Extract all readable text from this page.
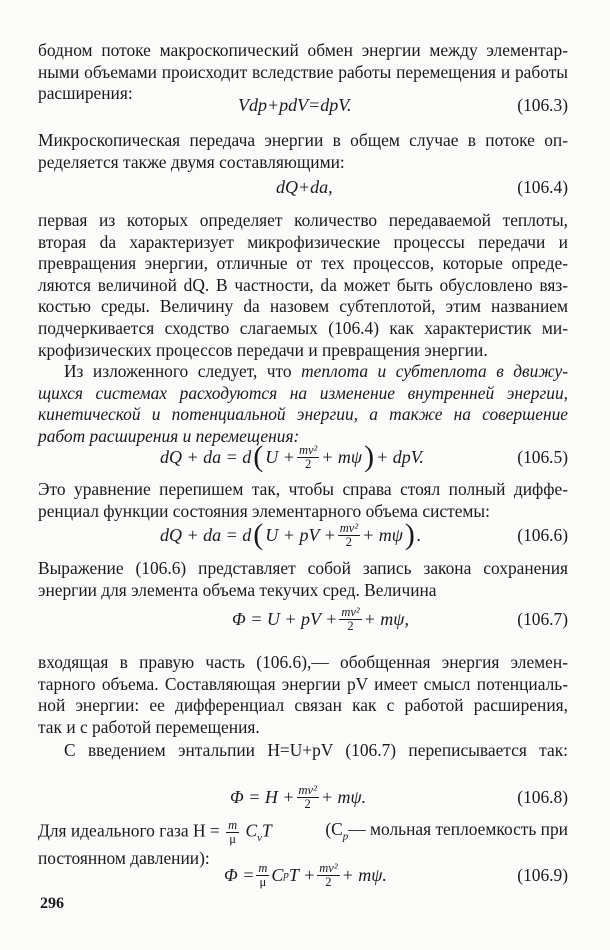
бодном потоке макроскопический обмен энергии между элементар-
ными объемами происходит вследствие работы перемещения и работы
расширения:

Vdp+pdV=dpV.	(106.3)

Микроскопическая передача энергии в общем случае в потоке оп-
ределяется также двумя составляющими:

dQ+da,	(106.4)

первая из которых определяет количество передаваемой теплоты,
вторая da характеризует микрофизические процессы передачи и
превращения энергии, отличные от тех процессов, которые опреде-
ляются величиной dQ. В частности, da может быть обусловлено вяз-
костью среды. Величину da назовем субтеплотой, этим названием
подчеркивается сходство слагаемых (106.4) как характеристик ми-
крофизических процессов передачи и превращения энергии.

Из изложенного следует, что теплота и субтеплота в движу-
щихся системах расходуются на изменение внутренней энергии,
кинетической и потенциальной энергии, а также на совершение
работ расширения и перемещения:

dQ + da = d ( $U + \frac{\text{mv²}}{2} + m\psi$ ) + dpV.	(106.5)

Это уравнение перепишем так, чтобы справа стоял полный диффе-
ренциал функции состояния элементарного объема системы:

dQ + da = d ( U + pV + $\frac{\text{mv²}}{2} + m\psi$ ) .	(106.6)

Выражение (106.6) представляет собой запись закона сохранения
энергии для элемента объема текучих сред. Величина

Φ = U + pV + $\frac{\text{mv²}}{2} + m\psi$,	(106.7)

входящая в правую часть (106.6),— обобщенная энергия элемен-
тарного объема. Составляющая энергии pV имеет смысл потенциаль-
ной энергии: ее дифференциал связан как с работой расширения,
так и с работой перемещения.

С введением энтальпии H=U+pV (106.7) переписывается так:

$\Phi = H + \frac{\text{mv²}}{2} + m\psi$.	(106.8)
Для идеального газа $H = \frac{m}{\mu} C_vT$	($C_p—$ мольная теплоемкость при
постоянном давлении):
$\Phi = \frac{m}{\mu}$ C p $T + \frac{\text{mv²}}{2} + m\psi$.	(106.9)
296
